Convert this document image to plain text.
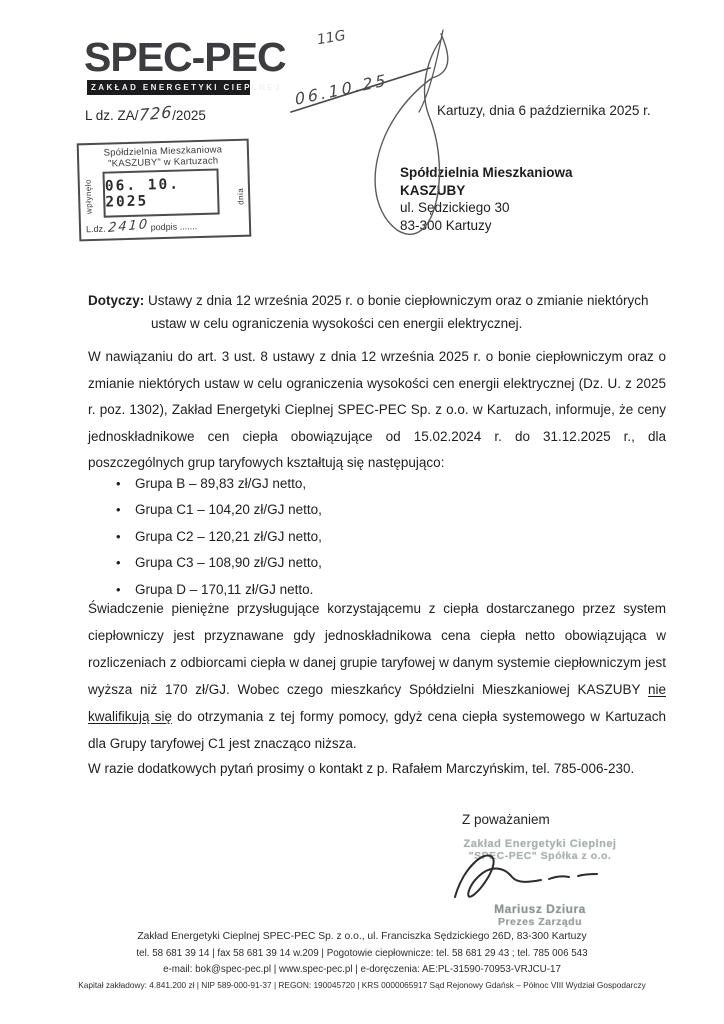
SPEC-PEC
ZAKŁAD ENERGETYKI CIEPLNEJ
L dz. ZA/726/2025	Kartuzy, dnia 6 października 2025 r.
11G
06.10.25
Spółdzielnia Mieszkaniowa
"KASZUBY" w Kartuzach
wpłynęło 06. 10. 2025	dnia
L.dz.2410podpis .......
Spółdzielnia Mieszkaniowa
KASZUBY
ul. Sędzickiego 30
83-300 Kartuzy
Dotyczy: Ustawy z dnia 12 września 2025 r. o bonie ciepłowniczym oraz o zmianie niektórych ustaw w celu ograniczenia wysokości cen energii elektrycznej.
W nawiązaniu do art. 3 ust. 8 ustawy z dnia 12 września 2025 r. o bonie ciepłowniczym oraz o zmianie niektórych ustaw w celu ograniczenia wysokości cen energii elektrycznej (Dz. U. z 2025 r. poz. 1302), Zakład Energetyki Cieplnej SPEC-PEC Sp. z o.o. w Kartuzach, informuje, że ceny jednoskładnikowe cen ciepła obowiązujące od 15.02.2024 r. do 31.12.2025 r., dla poszczególnych grup taryfowych kształtują się następująco:
•	Grupa B – 89,83 zł/GJ netto,
•	Grupa C1 – 104,20 zł/GJ netto,
•	Grupa C2 – 120,21 zł/GJ netto,
•	Grupa C3 – 108,90 zł/GJ netto,
•	Grupa D – 170,11 zł/GJ netto.
Świadczenie pieniężne przysługujące korzystającemu z ciepła dostarczanego przez system ciepłowniczy jest przyznawane gdy jednoskładnikowa cena ciepła netto obowiązująca w rozliczeniach z odbiorcami ciepła w danej grupie taryfowej w danym systemie ciepłowniczym jest wyższa niż 170 zł/GJ. Wobec czego mieszkańcy Spółdzielni Mieszkaniowej KASZUBY nie kwalifikują się do otrzymania z tej formy pomocy, gdyż cena ciepła systemowego w Kartuzach dla Grupy taryfowej C1 jest znacząco niższa.
W razie dodatkowych pytań prosimy o kontakt z p. Rafałem Marczyńskim, tel. 785-006-230.
Z poważaniem
Zakład Energetyki Cieplnej
"SPEC-PEC" Spółka z o.o.
Mariusz Dziura
Prezes Zarządu
Zakład Energetyki Cieplnej SPEC-PEC Sp. z o.o., ul. Franciszka Sędzickiego 26D, 83-300 Kartuzy
tel. 58 681 39 14 | fax 58 681 39 14 w.209 | Pogotowie ciepłownicze: tel. 58 681 29 43 ; tel. 785 006 543
e-mail: bok@spec-pec.pl | www.spec-pec.pl | e-doręczenia: AE:PL-31590-70953-VRJCU-17
Kapitał zakładowy: 4.841.200 zł | NIP 589-000-91-37 | REGON: 190045720 | KRS 0000065917 Sąd Rejonowy Gdańsk – Północ VIII Wydział Gospodarczy
